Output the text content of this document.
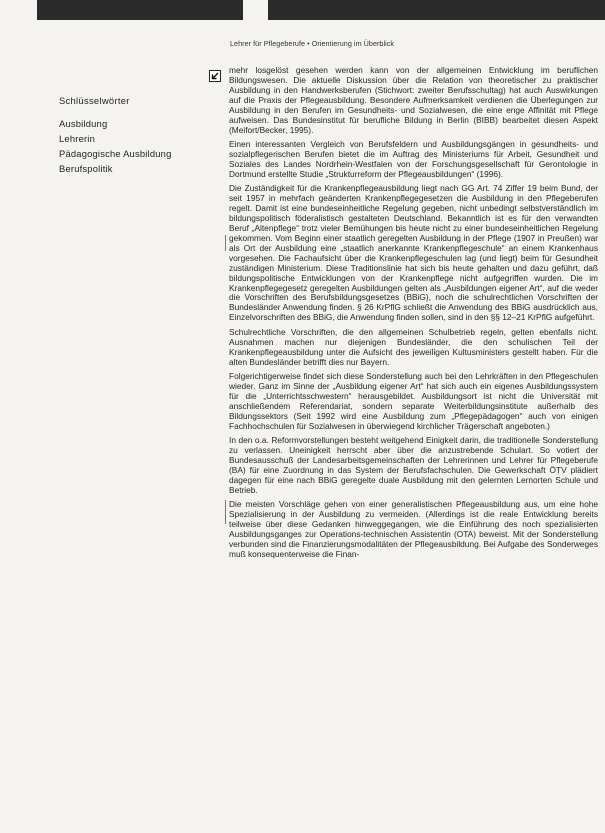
Lehrer für Pflegeberufe • Orientierung im Überblick
Schlüsselwörter
Ausbildung
Lehrerin
Pädagogische Ausbildung
Berufspolitik

mehr losgelöst gesehen werden kann von der allgemeinen Entwicklung im beruflichen Bildungswesen. Die aktuelle Diskussion über die Relation von theoretischer zu praktischer Ausbildung in den Handwerksberufen (Stichwort: zweiter Berufsschultag) hat auch Auswirkungen auf die Praxis der Pflegeausbildung. Besondere Aufmerksamkeit verdienen die Überlegungen zur Ausbildung in den Berufen im Gesundheits- und Sozialwesen, die eine enge Affinität mit Pflege aufweisen. Das Bundesinstitut für berufliche Bildung in Berlin (BIBB) bearbeitet diesen Aspekt (Meifort/Becker, 1995).

Einen interessanten Vergleich von Berufsfeldern und Ausbildungsgängen in gesundheits- und sozialpflegerischen Berufen bietet die im Auftrag des Ministeriums für Arbeit, Gesundheit und Soziales des Landes Nordrhein-Westfalen von der Forschungsgesellschaft für Gerontologie in Dortmund erstellte Studie „Strukturreform der Pflegeausbildungen“ (1996).

Die Zuständigkeit für die Krankenpflegeausbildung liegt nach GG Art. 74 Ziffer 19 beim Bund, der seit 1957 in mehrfach geänderten Krankenpflegegesetzen die Ausbildung in den Pflegeberufen regelt. Damit ist eine bundeseinheitliche Regelung gegeben, nicht unbedingt selbstverständlich im bildungspolitisch föderalistisch gestalteten Deutschland. Bekanntlich ist es für den verwandten Beruf „Altenpflege“ trotz vieler Bemühungen bis heute nicht zu einer bundeseinheitlichen Regelung gekommen. Vom Beginn einer staatlich geregelten Ausbildung in der Pflege (1907 in Preußen) war als Ort der Ausbildung eine „staatlich anerkannte Krankenpflegeschule“ an einem Krankenhaus vorgesehen. Die Fachaufsicht über die Krankenpflegeschulen lag (und liegt) beim für Gesundheit zuständigen Ministerium. Diese Traditionslinie hat sich bis heute gehalten und dazu geführt, daß bildungspolitische Entwicklungen von der Krankenpflege nicht aufgegriffen wurden. Die im Krankenpflegegesetz geregelten Ausbildungen gelten als „Ausbildungen eigener Art“, auf die weder die Vorschriften des Berufsbildungsgesetzes (BBiG), noch die schulrechtlichen Vorschriften der Bundesländer Anwendung finden. § 26 KrPflG schließt die Anwendung des BBiG ausdrücklich aus, Einzelvorschriften des BBiG, die Anwendung finden sollen, sind in den §§ 12–21 KrPflG aufgeführt.

Schulrechtliche Vorschriften, die den allgemeinen Schulbetrieb regeln, gelten ebenfalls nicht. Ausnahmen machen nur diejenigen Bundesländer, die den schulischen Teil der Krankenpflegeausbildung unter die Aufsicht des jeweiligen Kultusministers gestellt haben. Für die alten Bundesländer betrifft dies nur Bayern.

Folgerichtigerweise findet sich diese Sonderstellung auch bei den Lehrkräften in den Pflegeschulen wieder. Ganz im Sinne der „Ausbildung eigener Art“ hat sich auch ein eigenes Ausbildungssystem für die „Unterrichtsschwestern“ herausgebildet. Ausbildungsort ist nicht die Universität mit anschließendem Referendariat, sondern separate Weiterbildungsinstitute außerhalb des Bildungssektors (Seit 1992 wird eine Ausbildung zum „Pflegepädagogen“ auch von einigen Fachhochschulen für Sozialwesen in überwiegend kirchlicher Trägerschaft angeboten.)

In den o.a. Reformvorstellungen besteht weitgehend Einigkeit darin, die traditionelle Sonderstellung zu verlassen. Uneinigkeit herrscht aber über die anzustrebende Schulart. So votiert der Bundesausschuß der Landesarbeitsgemeinschaften der Lehrerinnen und Lehrer für Pflegeberufe (BA) für eine Zuordnung in das System der Berufsfachschulen. Die Gewerkschaft ÖTV plädiert dagegen für eine nach BBiG geregelte duale Ausbildung mit den gelernten Lernorten Schule und Betrieb.

Die meisten Vorschläge gehen von einer generalistischen Pflegeausbildung aus, um eine hohe Spezialisierung in der Ausbildung zu vermeiden. (Allerdings ist die reale Entwicklung bereits teilweise über diese Gedanken hinweggegangen, wie die Einführung des noch spezialisierten Ausbildungsganges zur Operations-technischen Assistentin (OTA) beweist. Mit der Sonderstellung verbunden sind die Finanzierungsmodalitäten der Pflegeausbildung. Bei Aufgabe des Sonderweges muß konsequenterweise die Finan-
